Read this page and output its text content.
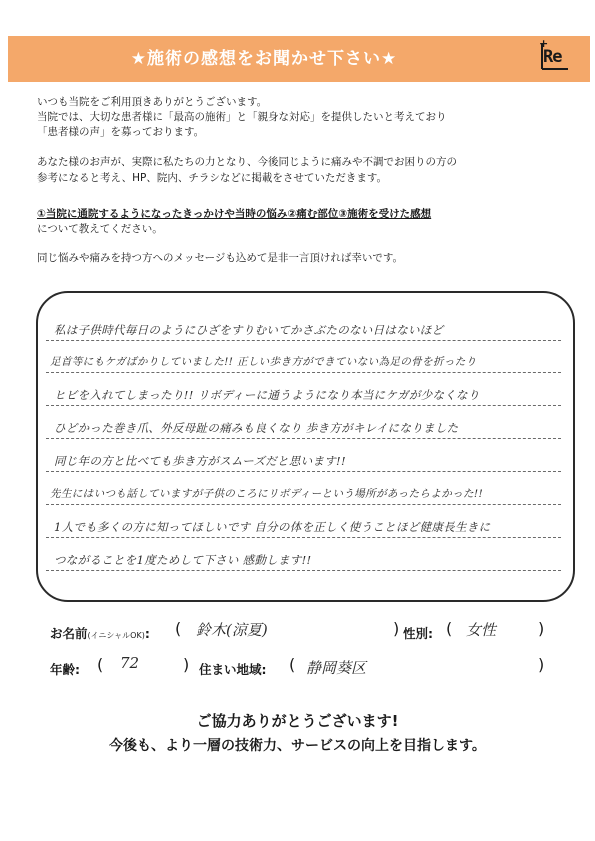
★施術の感想をお聞かせ下さい★
+
Re

いつも当院をご利用頂きありがとうございます。

当院では、大切な患者様に「最高の施術」と「親身な対応」を提供したいと考えており

「患者様の声」を募っております。

あなた様のお声が、実際に私たちの力となり、今後同じように痛みや不調でお困りの方の

参考になると考え、HP、院内、チラシなどに掲載をさせていただきます。

①当院に通院するようになったきっかけや当時の悩み②痛む部位③施術を受けた感想

について教えてください。

同じ悩みや痛みを持つ方へのメッセージも込めて是非一言頂ければ幸いです。

私は子供時代毎日のようにひざをすりむいてかさぶたのない日はないほど
足首等にもケガばかりしていました!! 正しい歩き方ができていない為足の骨を折ったり
ヒビを入れてしまったり!! リボディーに通うようになり本当にケガが少なくなり
ひどかった巻き爪、外反母趾の痛みも良くなり 歩き方がキレイになりました
同じ年の方と比べても歩き方がスムーズだと思います!!
先生にはいつも話していますが子供のころにリボディーという場所があったらよかった!!
1人でも多くの方に知ってほしいです 自分の体を正しく使うことほど健康長生きに
つながることを1度ためして下さい 感動します!!
お名前(イニシャルOK): ( 鈴木(涼夏)	) 性別: ( 女性	)
年齢: ( 72	) 住まい地域: ( 静岡葵区	)
ご協力ありがとうございます!
今後も、より一層の技術力、サービスの向上を目指します。
